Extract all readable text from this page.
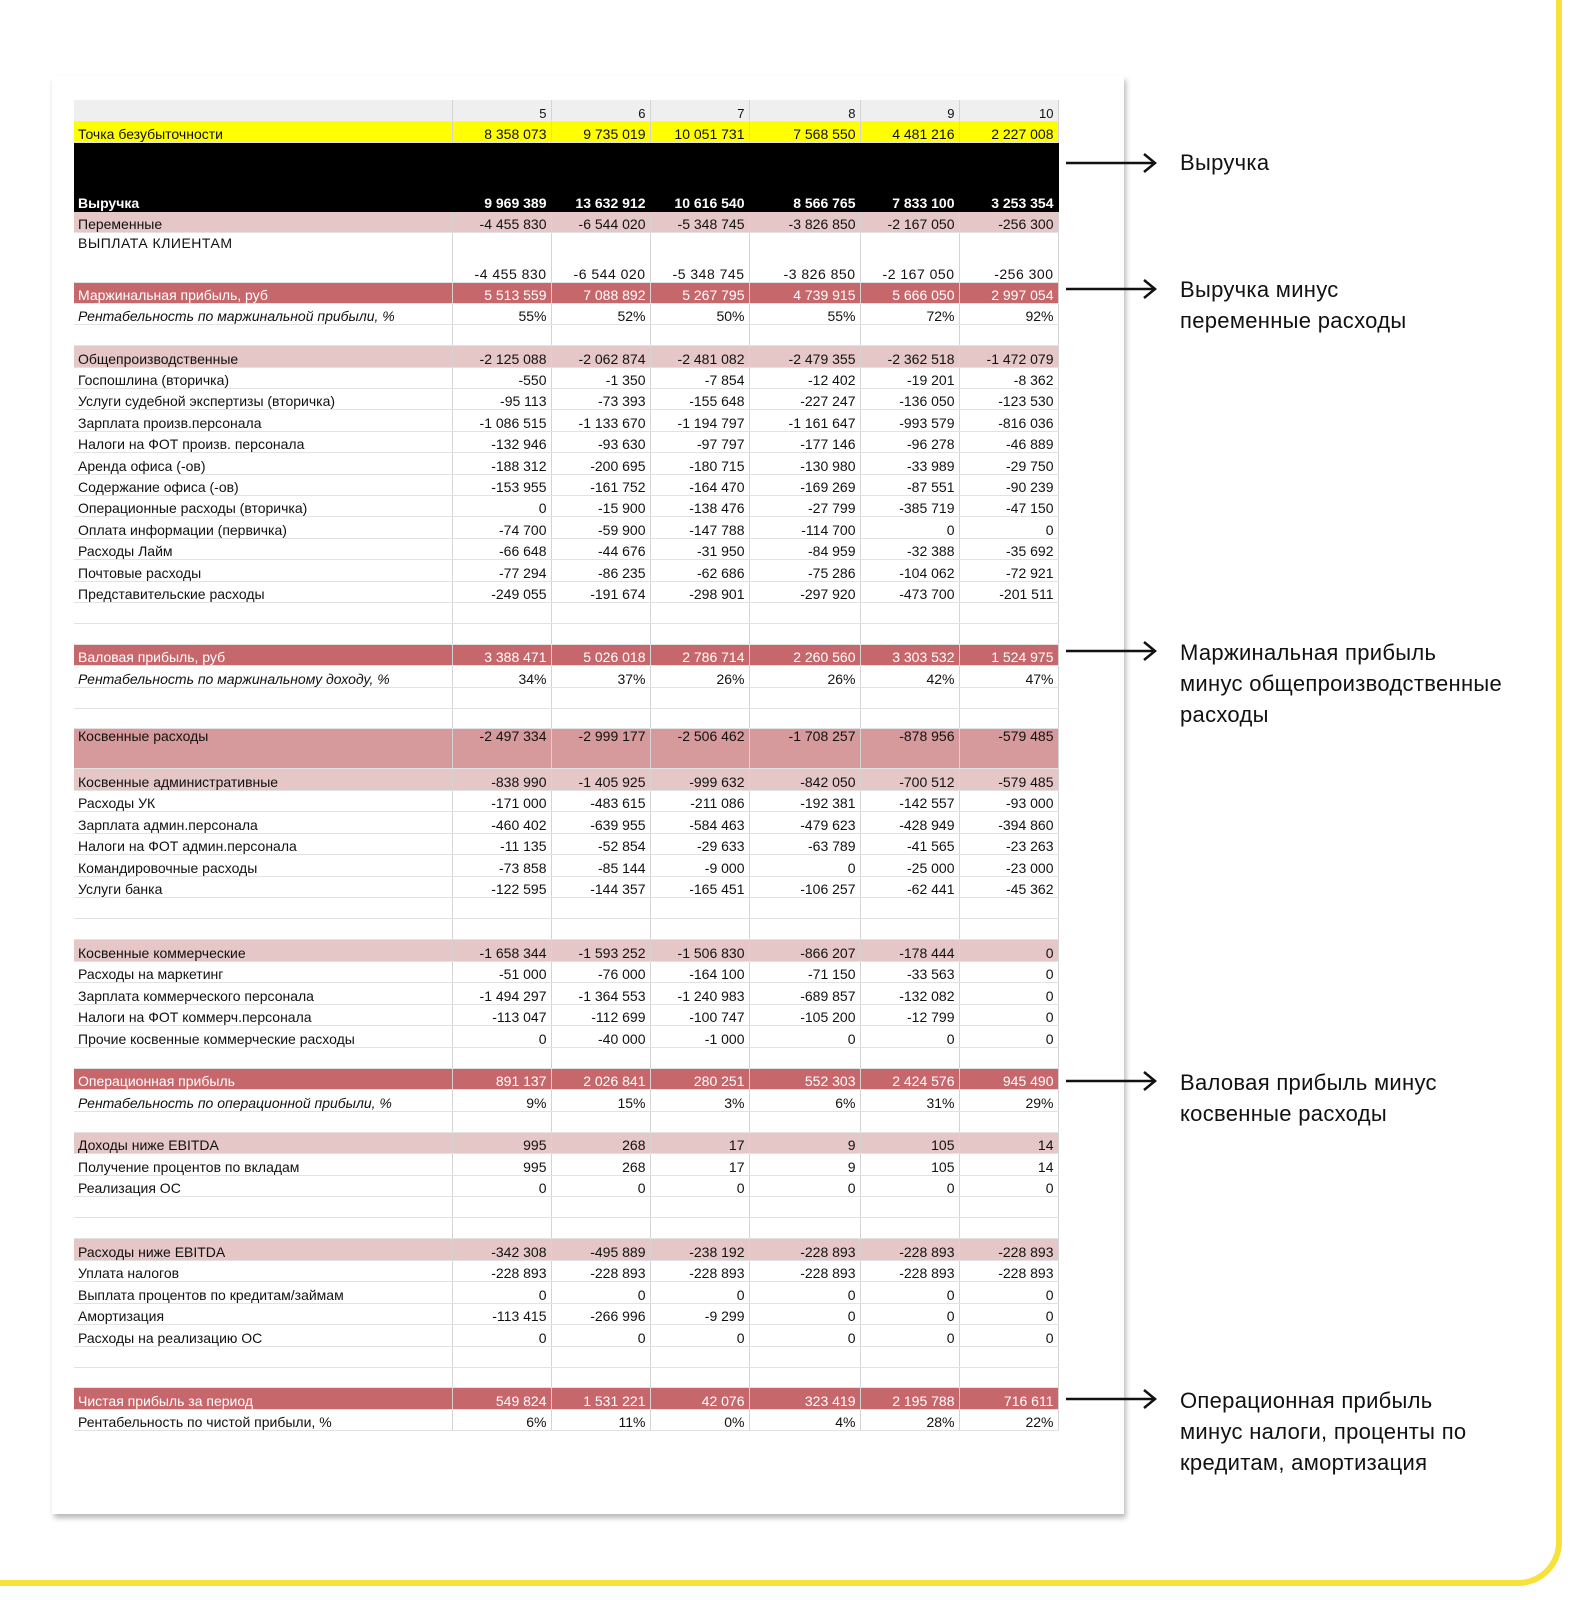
	5	6	7	8	9	10
Точка безубыточности	8 358 073	9 735 019	10 051 731	7 568 550	4 481 216	2 227 008
Выручка	9 969 389	13 632 912	10 616 540	8 566 765	7 833 100	3 253 354
Переменные	-4 455 830	-6 544 020	-5 348 745	-3 826 850	-2 167 050	-256 300
ВЫПЛАТА КЛИЕНТАМ	-4 455 830	-6 544 020	-5 348 745	-3 826 850	-2 167 050	-256 300
Маржинальная прибыль, руб	5 513 559	7 088 892	5 267 795	4 739 915	5 666 050	2 997 054
Рентабельность по маржинальной прибыли, %	55%	52%	50%	55%	72%	92%

Общепроизводственные	-2 125 088	-2 062 874	-2 481 082	-2 479 355	-2 362 518	-1 472 079
Госпошлина (вторичка)	-550	-1 350	-7 854	-12 402	-19 201	-8 362
Услуги судебной экспертизы (вторичка)	-95 113	-73 393	-155 648	-227 247	-136 050	-123 530
Зарплата произв.персонала	-1 086 515	-1 133 670	-1 194 797	-1 161 647	-993 579	-816 036
Налоги на ФОТ произв. персонала	-132 946	-93 630	-97 797	-177 146	-96 278	-46 889
Аренда офиса (-ов)	-188 312	-200 695	-180 715	-130 980	-33 989	-29 750
Содержание офиса (-ов)	-153 955	-161 752	-164 470	-169 269	-87 551	-90 239
Операционные расходы (вторичка)	0	-15 900	-138 476	-27 799	-385 719	-47 150
Оплата информации (первичка)	-74 700	-59 900	-147 788	-114 700	0	0
Расходы Лайм	-66 648	-44 676	-31 950	-84 959	-32 388	-35 692
Почтовые расходы	-77 294	-86 235	-62 686	-75 286	-104 062	-72 921
Представительские расходы	-249 055	-191 674	-298 901	-297 920	-473 700	-201 511

Валовая прибыль, руб	3 388 471	5 026 018	2 786 714	2 260 560	3 303 532	1 524 975
Рентабельность по маржинальному доходу, %	34%	37%	26%	26%	42%	47%

Косвенные расходы	-2 497 334	-2 999 177	-2 506 462	-1 708 257	-878 956	-579 485
Косвенные административные	-838 990	-1 405 925	-999 632	-842 050	-700 512	-579 485
Расходы УК	-171 000	-483 615	-211 086	-192 381	-142 557	-93 000
Зарплата админ.персонала	-460 402	-639 955	-584 463	-479 623	-428 949	-394 860
Налоги на ФОТ админ.персонала	-11 135	-52 854	-29 633	-63 789	-41 565	-23 263
Командировочные расходы	-73 858	-85 144	-9 000	0	-25 000	-23 000
Услуги банка	-122 595	-144 357	-165 451	-106 257	-62 441	-45 362

Косвенные коммерческие	-1 658 344	-1 593 252	-1 506 830	-866 207	-178 444	0
Расходы на маркетинг	-51 000	-76 000	-164 100	-71 150	-33 563	0
Зарплата коммерческого персонала	-1 494 297	-1 364 553	-1 240 983	-689 857	-132 082	0
Налоги на ФОТ коммерч.персонала	-113 047	-112 699	-100 747	-105 200	-12 799	0
Прочие косвенные коммерческие расходы	0	-40 000	-1 000	0	0	0

Операционная прибыль	891 137	2 026 841	280 251	552 303	2 424 576	945 490
Рентабельность по операционной прибыли, %	9%	15%	3%	6%	31%	29%

Доходы ниже EBITDA	995	268	17	9	105	14
Получение процентов по вкладам	995	268	17	9	105	14
Реализация ОС	0	0	0	0	0	0

Расходы ниже EBITDA	-342 308	-495 889	-238 192	-228 893	-228 893	-228 893
Уплата налогов	-228 893	-228 893	-228 893	-228 893	-228 893	-228 893
Выплата процентов по кредитам/займам	0	0	0	0	0	0
Амортизация	-113 415	-266 996	-9 299	0	0	0
Расходы на реализацию ОС	0	0	0	0	0	0

Чистая прибыль за период	549 824	1 531 221	42 076	323 419	2 195 788	716 611
Рентабельность по чистой прибыли, %	6%	11%	0%	4%	28%	22%
Выручка
Выручка минус
переменные расходы
Маржинальная прибыль
минус общепроизводственные
расходы
Валовая прибыль минус
косвенные расходы
Операционная прибыль
минус налоги, проценты по
кредитам, амортизация
